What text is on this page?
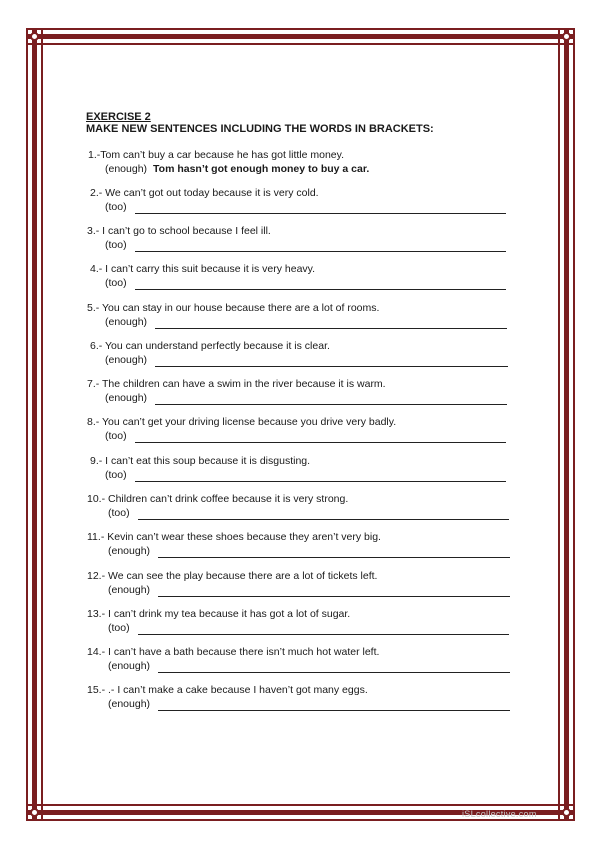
EXERCISE 2

MAKE NEW SENTENCES INCLUDING THE WORDS IN BRACKETS:

1.-Tom can’t buy a car because he has got little money.
(enough) Tom hasn’t got enough money to buy a car.
2.- We can’t got out today because it is very cold.
(too)
3.- I can’t go to school because I feel ill.
(too)
4.- I can’t carry this suit because it is very heavy.
(too)
5.- You can stay in our house because there are a lot of rooms.
(enough)
6.- You can understand perfectly because it is clear.
(enough)
7.- The children can have a swim in the river because it is warm.
(enough)
8.- You can’t get your driving license because you drive very badly.
(too)
9.- I can’t eat this soup because it is disgusting.
(too)
10.- Children can’t drink coffee because it is very strong.
(too)
11.- Kevin can’t wear these shoes because they aren’t very big.
(enough)
12.- We can see the play because there are a lot of tickets left.
(enough)
13.- I can’t drink my tea because it has got a lot of sugar.
(too)
14.- I can’t have a bath because there isn’t much hot water left.
(enough)
15.- .- I can’t make a cake because I haven’t got many eggs.
(enough)
iSLcollective.com
